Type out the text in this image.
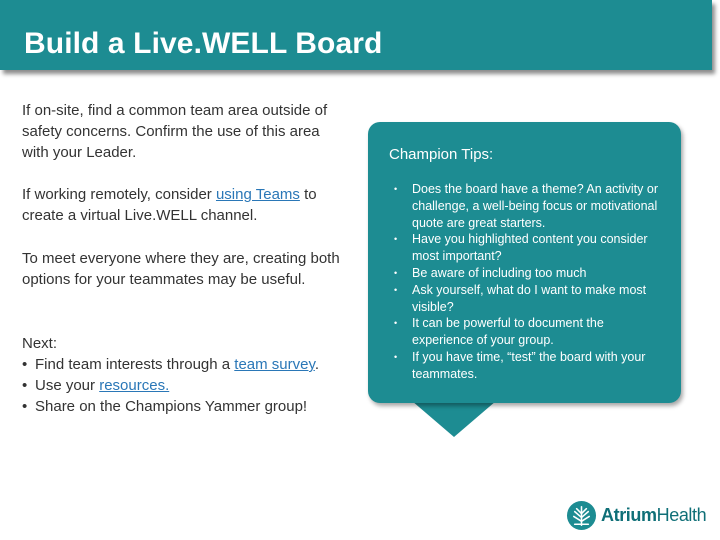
Build a Live.WELL Board

If on-site, find a common team area outside of safety concerns. Confirm the use of this area with your Leader.

If working remotely, consider using Teams to create a virtual Live.WELL channel.

To meet everyone where they are, creating both options for your teammates may be useful.

Next:
• Find team interests through a team survey.
• Use your resources.
• Share on the Champions Yammer group!
Champion Tips:
• Does the board have a theme? An activity or challenge, a well-being focus or motivational quote are great starters.
• Have you highlighted content you consider most important?
• Be aware of including too much
• Ask yourself, what do I want to make most visible?
• It can be powerful to document the experience of your group.
• If you have time, “test” the board with your teammates.
AtriumHealth
